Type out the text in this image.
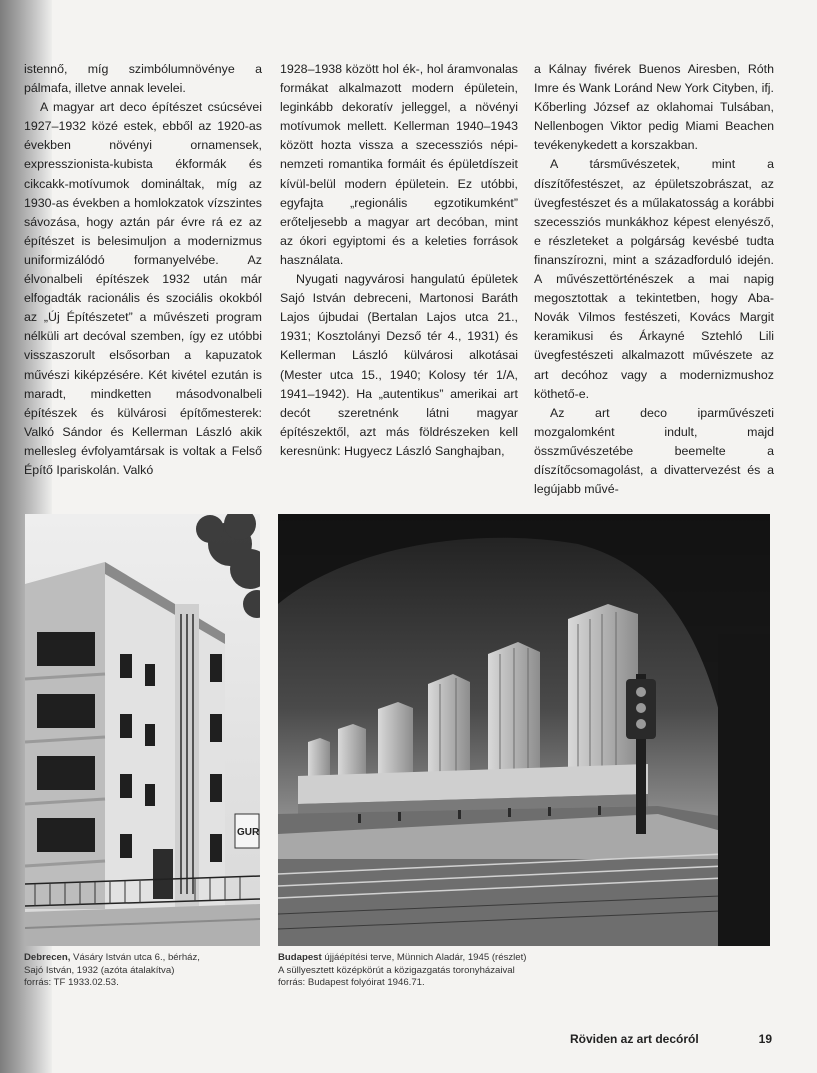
istennő, míg szimbólumnövénye a pálmafa, illetve annak levelei.

A magyar art deco építészet csúcsévei 1927–1932 közé estek, ebből az 1920-as években növényi ornamensek, expresszionista-kubista ékformák és cikcakk-motívumok domináltak, míg az 1930-as években a homlokzatok vízszintes sávozása, hogy aztán pár évre rá ez az építészet is belesimuljon a modernizmus uniformizálódó formanyelvébe. Az élvonalbeli építészek 1932 után már elfogadták racionális és szociális okokból az „Új Építészetet” a művészeti program nélküli art decóval szemben, így ez utóbbi visszaszorult elsősorban a kapuzatok művészi kiképzésére. Két kivétel ezután is maradt, mindketten másodvonalbeli építészek és külvárosi építőmesterek: Valkó Sándor és Kellerman László akik mellesleg évfolyamtársak is voltak a Felső Építő Ipariskolán. Valkó

1928–1938 között hol ék-, hol áramvonalas formákat alkalmazott modern épületein, leginkább dekoratív jelleggel, a növényi motívumok mellett. Kellerman 1940–1943 között hozta vissza a szecessziós népi-nemzeti romantika formáit és épületdíszeit kívül-belül modern épületein. Ez utóbbi, egyfajta „regionális egzotikumként” erőteljesebb a magyar art decóban, mint az ókori egyiptomi és a keleties források használata.

Nyugati nagyvárosi hangulatú épületek Sajó István debreceni, Martonosi Baráth Lajos újbudai (Bertalan Lajos utca 21., 1931; Kosztolányi Dezső tér 4., 1931) és Kellerman László külvárosi alkotásai (Mester utca 15., 1940; Kolosy tér 1/A, 1941–1942). Ha „autentikus” amerikai art decót szeretnénk látni magyar építészektől, azt más földrészeken kell keresnünk: Hugyecz László Sanghajban,

a Kálnay fivérek Buenos Airesben, Róth Imre és Wank Loránd New York Cityben, ifj. Kőberling József az oklahomai Tulsában, Nellenbogen Viktor pedig Miami Beachen tevékenykedett a korszakban.

A társművészetek, mint a díszítőfestészet, az épületszobrászat, az üvegfestészet és a műlakatosság a korábbi szecessziós munkákhoz képest elenyésző, e részleteket a polgárság kevésbé tudta finanszírozni, mint a századforduló idején. A művészettörténészek a mai napig megosztottak a tekintetben, hogy Aba-Novák Vilmos festészeti, Kovács Margit keramikusi és Árkayné Sztehló Lili üvegfestészeti alkalmazott művészete az art decóhoz vagy a modernizmushoz köthető-e.

Az art deco iparművészeti mozgalomként indult, majd összművészetébe beemelte a díszítőcsomagolást, a divattervezést és a legújabb művé-

GUR
Debrecen, Vásáry István utca 6., bérház,
Sajó István, 1932 (azóta átalakítva)
forrás: TF 1933.02.53.
Budapest újjáépítési terve, Münnich Aladár, 1945 (részlet)
A süllyesztett középkörút a közigazgatás toronyházaival
forrás: Budapest folyóirat 1946.71.
Röviden az art decóról	19
